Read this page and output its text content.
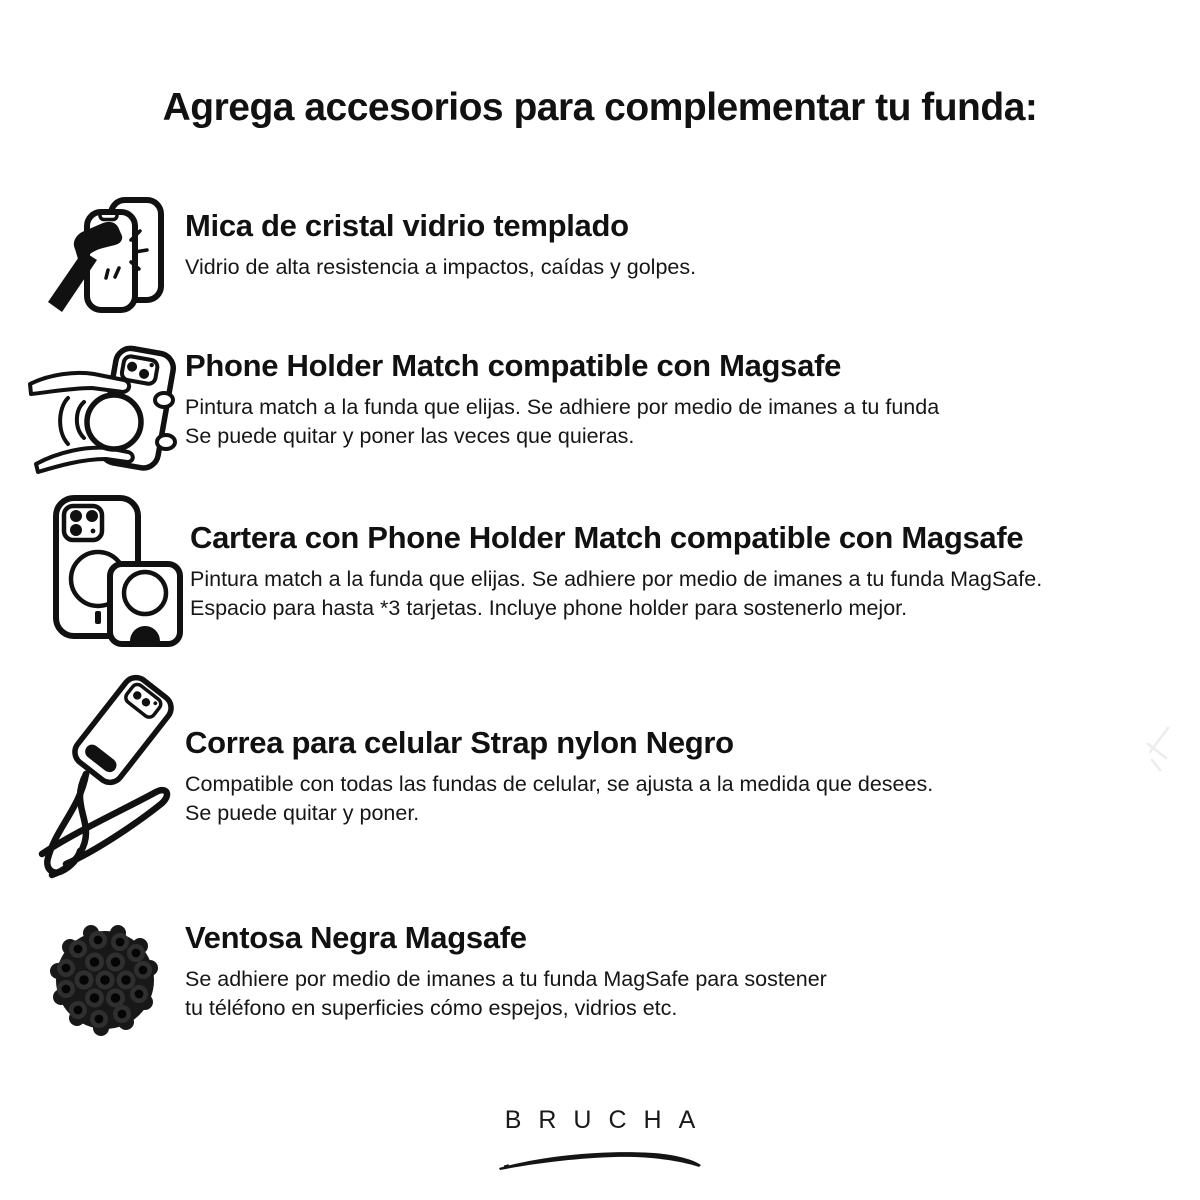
Agrega accesorios para complementar tu funda:
Mica de cristal vidrio templado
Vidrio de alta resistencia a impactos, caídas y golpes.
Phone Holder Match compatible con Magsafe
Pintura match a la funda que elijas. Se adhiere por medio de imanes a tu funda
Se puede quitar y poner las veces que quieras.
Cartera con Phone Holder Match compatible con Magsafe
Pintura match a la funda que elijas. Se adhiere por medio de imanes a tu funda MagSafe.
Espacio para hasta *3 tarjetas. Incluye phone holder para sostenerlo mejor.
Correa para celular Strap nylon Negro
Compatible con todas las fundas de celular, se ajusta a la medida que desees.
Se puede quitar y poner.
Ventosa Negra Magsafe
Se adhiere por medio de imanes a tu funda MagSafe para sostener
tu téléfono en superficies cómo espejos, vidrios etc.
BRUCHA
